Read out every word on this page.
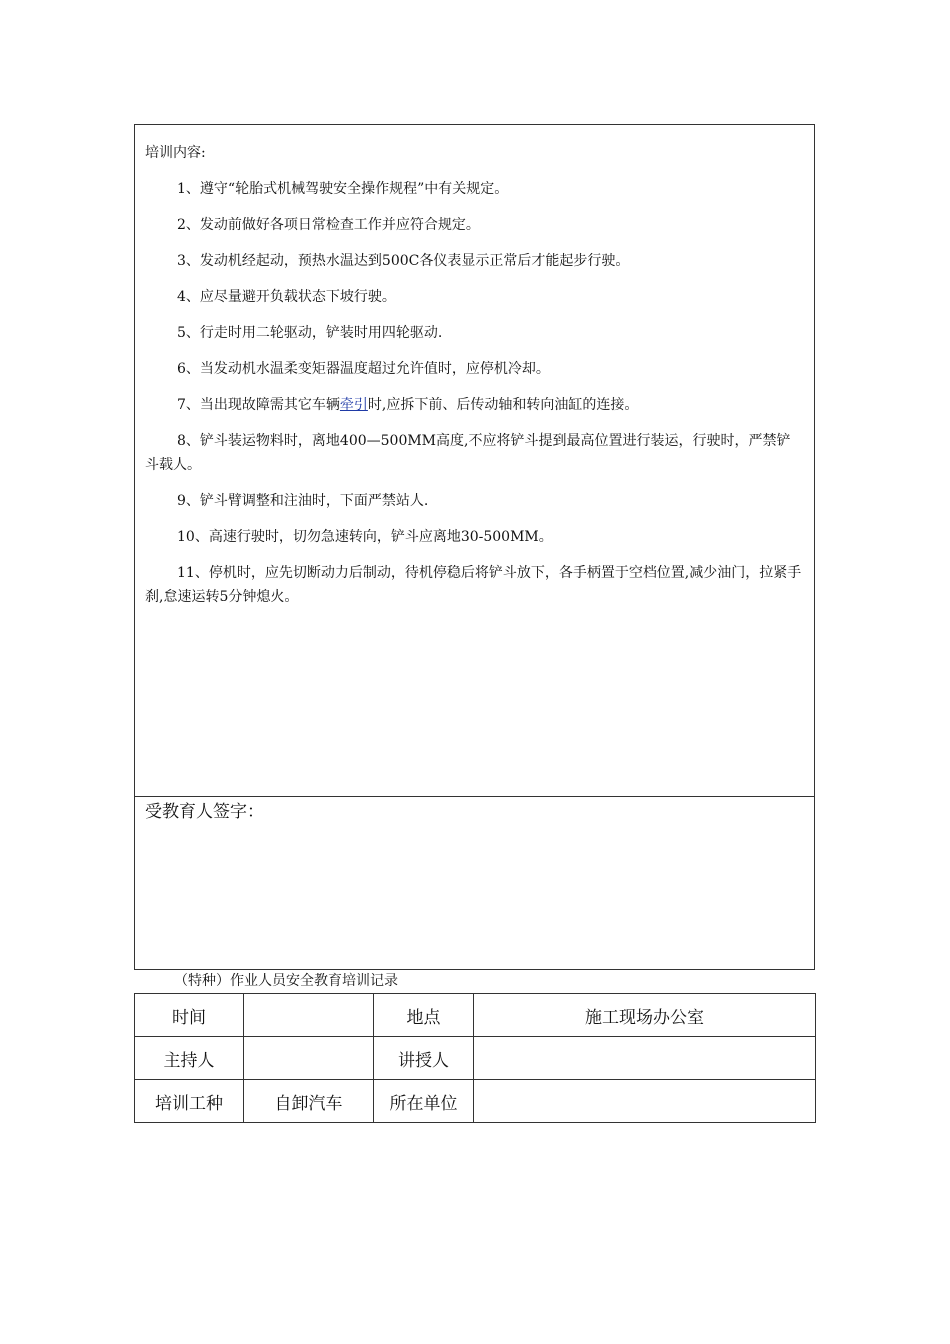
培训内容:

1、遵守“轮胎式机械驾驶安全操作规程”中有关规定。

2、发动前做好各项日常检查工作并应符合规定。

3、发动机经起动，预热水温达到500C各仪表显示正常后才能起步行驶。

4、应尽量避开负载状态下坡行驶。

5、行走时用二轮驱动，铲装时用四轮驱动.

6、当发动机水温柔变矩器温度超过允许值时，应停机冷却。

7、当出现故障需其它车辆牵引时,应拆下前、后传动轴和转向油缸的连接。

8、铲斗装运物料时，离地400—500MM高度,不应将铲斗提到最高位置进行装运，行驶时，严禁铲斗载人。

9、铲斗臂调整和注油时，下面严禁站人.

10、高速行驶时，切勿急速转向，铲斗应离地30-500MM。

11、停机时，应先切断动力后制动，待机停稳后将铲斗放下，各手柄置于空档位置,减少油门，拉紧手刹,怠速运转5分钟熄火。

受教育人签字：
（特种）作业人员安全教育培训记录
时间		地点	施工现场办公室
主持人		讲授人	
培训工种	自卸汽车	所在单位	
